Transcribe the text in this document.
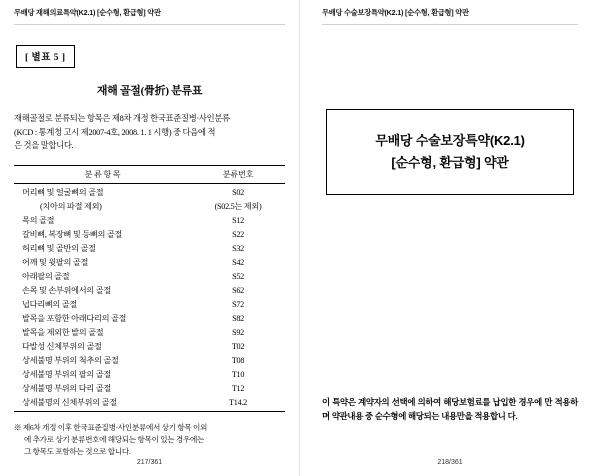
무배당 재해의료특약(K2.1) [순수형, 환급형] 약관
[ 별표 5 ]
재해 골절(骨折) 분류표
재해골절로 분류되는 항목은 제8차 개정 한국표준질병·사인분류
(KCD : 통계청 고시 제2007-4호, 2008. 1. 1 시행) 중 다음에 적
은 것을 말합니다.
분 류 항 목	분류번호
머리뼈 및 얼굴뼈의 골절	S02
(치아의 파절 제외)	(S02.5는 제외)
목의 골절	S12
갈비뼈, 복장뼈 및 등뼈의 골절	S22
허리뼈 및 골반의 골절	S32
어깨 및 윗팔의 골절	S42
아래팔의 골절	S52
손목 및 손부위에서의 골절	S62
넙다리뼈의 골절	S72
발목을 포함한 아래다리의 골절	S82
발목을 제외한 발의 골절	S92
다발성 신체부위의 골절	T02
상세불명 부위의 척추의 골절	T08
상세불명 부위의 팔의 골절	T10
상세불명 부위의 다리 골절	T12
상세불명의 신체부위의 골절	T14.2
※ 제6차 개정 이후 한국표준질병·사인분류에서 상기 항목 이외
에 추가로 상기 분류번호에 해당되는 항목이 있는 경우에는
그 항목도 포함하는 것으로 합니다.
217/361
무배당 수술보장특약(K2.1) [순수형, 환급형] 약관
무배당 수술보장특약(K2.1)
[순수형, 환급형] 약관
이 특약은 계약자의 선택에 의하여 해당보험료를 납입한 경우에 만 적용하며 약관내용 중 순수형에 해당되는 내용만을 적용합니 다.
218/361
